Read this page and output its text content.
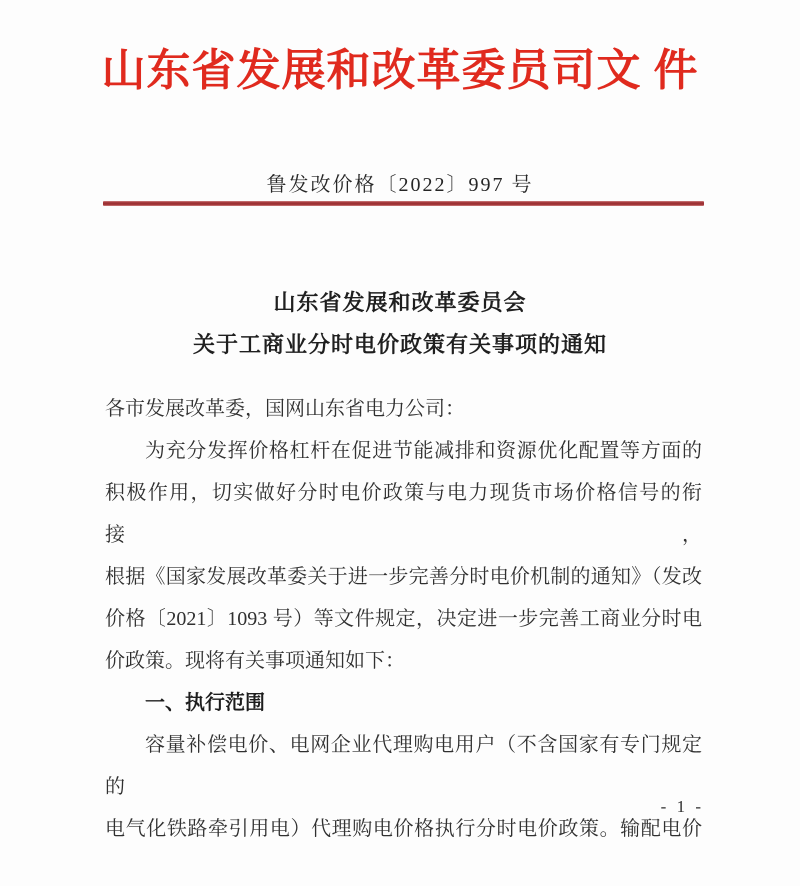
山东省发展和改革委员司文 件
鲁发改价格〔2022〕997 号
山东省发展和改革委员会
关于工商业分时电价政策有关事项的通知
各市发展改革委，国网山东省电力公司：
为充分发挥价格杠杆在促进节能减排和资源优化配置等方面的
积极作用，切实做好分时电价政策与电力现货市场价格信号的衔接，
根据《国家发展改革委关于进一步完善分时电价机制的通知》（发改
价格〔2021〕1093 号）等文件规定，决定进一步完善工商业分时电
价政策。现将有关事项通知如下：
一、执行范围
容量补偿电价、电网企业代理购电用户（不含国家有专门规定的
电气化铁路牵引用电）代理购电价格执行分时电价政策。输配电价
- 1 -
